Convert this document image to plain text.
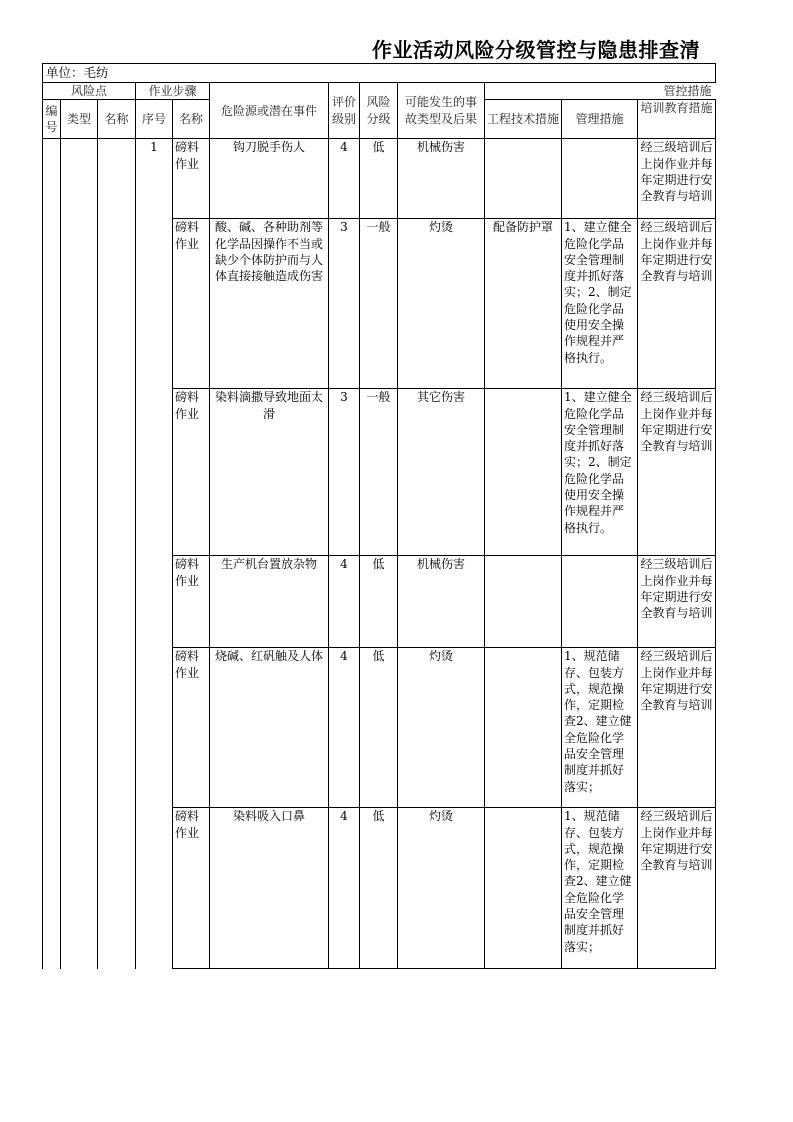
作业活动风险分级管控与隐患排查清
单位：毛纺											
风险点			作业步骤		危险源或潜在事件	评价级别	风险分级	可能发生的事故类型及后果	管控措施		
编号	类型	名称	序号	名称					工程技术措施	管理措施	培训教育措施
			1	磅料作业	钩刀脱手伤人	4	低	机械伤害			经三级培训后上岗作业并每年定期进行安全教育与培训
				磅料作业	酸、碱、各种助剂等化学品因操作不当或缺少个体防护而与人体直接接触造成伤害	3	一般	灼烫	配备防护罩	1、建立健全危险化学品安全管理制度并抓好落实；2、制定危险化学品使用安全操作规程并严格执行。	经三级培训后上岗作业并每年定期进行安全教育与培训
				磅料作业	染料滴撒导致地面太滑	3	一般	其它伤害		1、建立健全危险化学品安全管理制度并抓好落实；2、制定危险化学品使用安全操作规程并严格执行。	经三级培训后上岗作业并每年定期进行安全教育与培训
				磅料作业	生产机台置放杂物	4	低	机械伤害			经三级培训后上岗作业并每年定期进行安全教育与培训
				磅料作业	烧碱、红矾触及人体	4	低	灼烫		1、规范储存、包装方式，规范操作，定期检查2、建立健全危险化学品安全管理制度并抓好落实；	经三级培训后上岗作业并每年定期进行安全教育与培训
				磅料作业	染料吸入口鼻	4	低	灼烫		1、规范储存、包装方式，规范操作，定期检查2、建立健全危险化学品安全管理制度并抓好落实；	经三级培训后上岗作业并每年定期进行安全教育与培训
